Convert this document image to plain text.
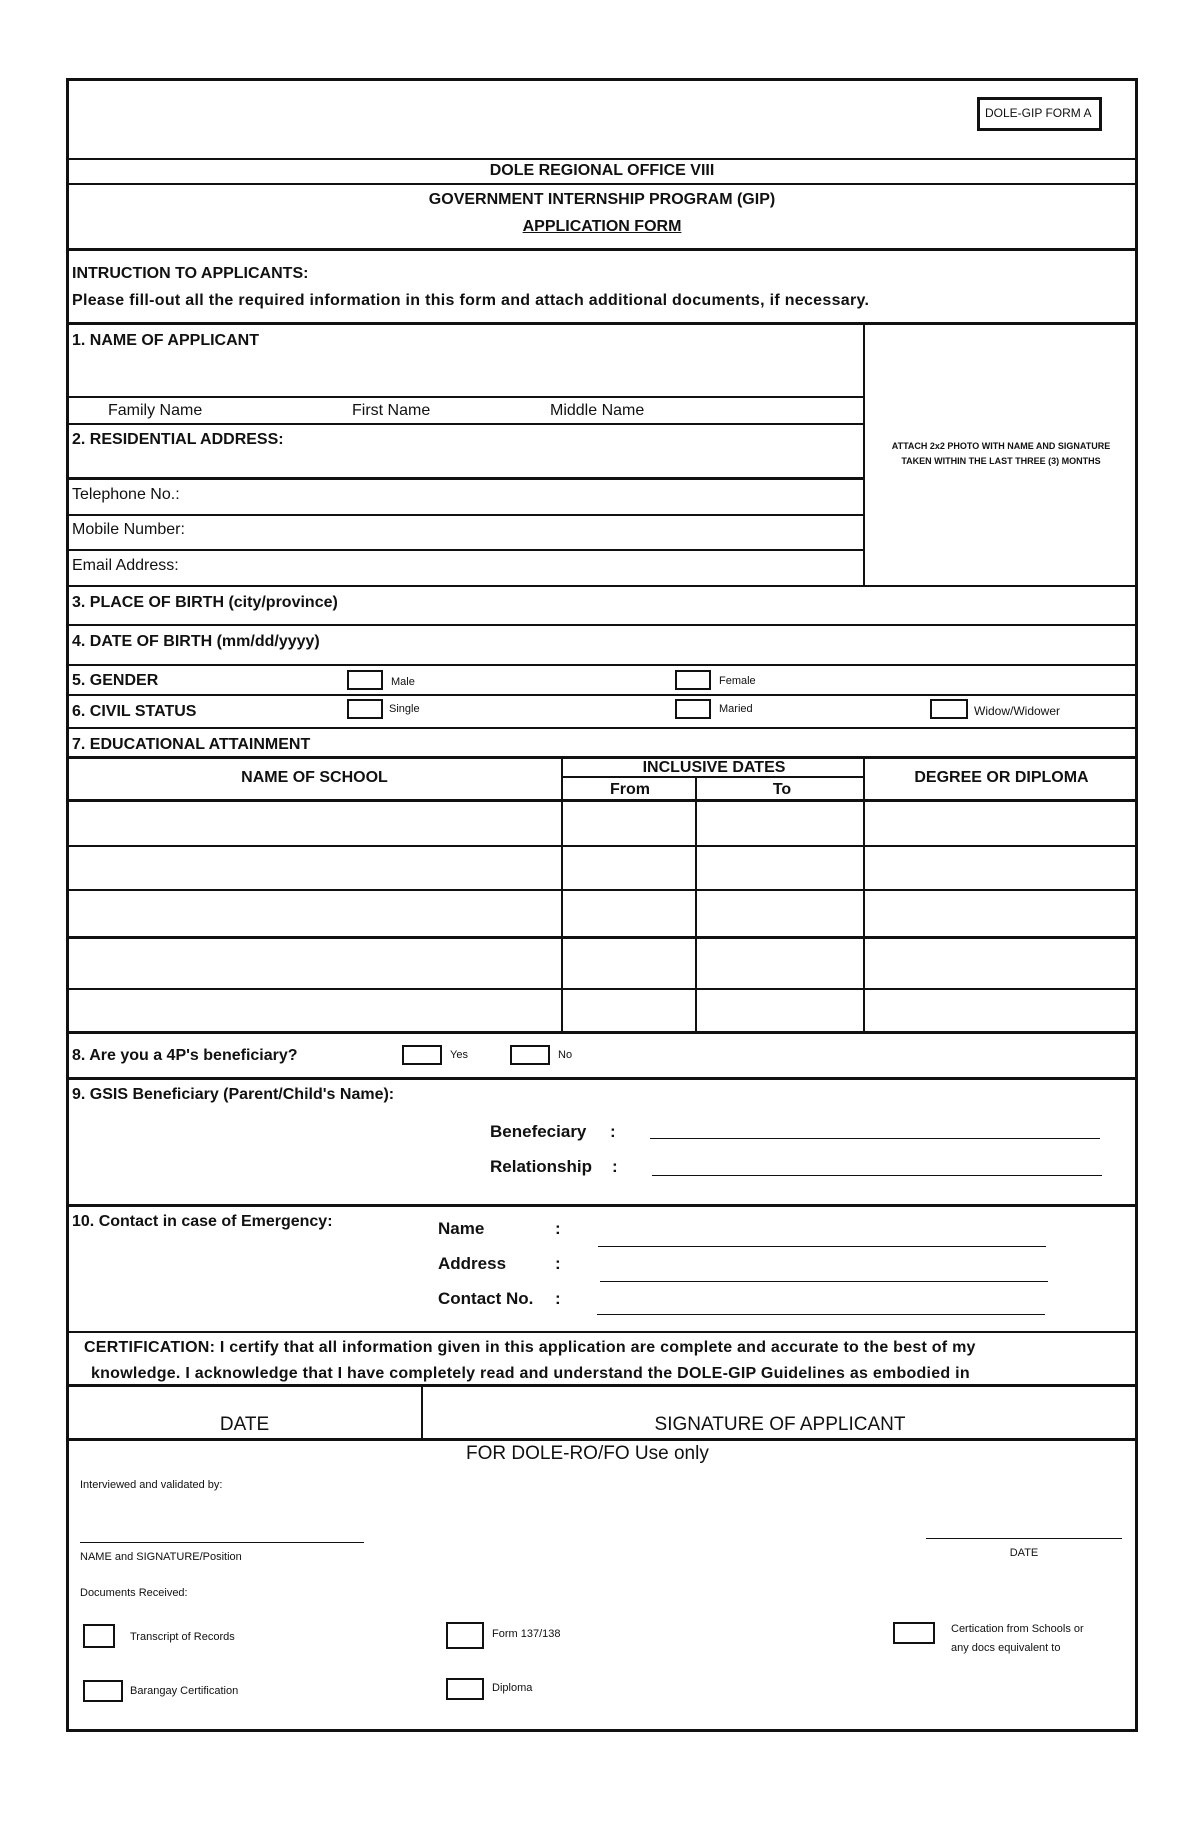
DOLE-GIP FORM A
DOLE REGIONAL OFFICE VIII
GOVERNMENT INTERNSHIP PROGRAM (GIP)
APPLICATION FORM
INTRUCTION TO APPLICANTS:
Please fill-out all the required information in this form and attach additional documents, if necessary.
ATTACH 2x2 PHOTO WITH NAME AND SIGNATURE
TAKEN WITHIN THE LAST THREE (3) MONTHS
1. NAME OF APPLICANT
Family Name	First Name	Middle Name
2. RESIDENTIAL ADDRESS:
Telephone No.:
Mobile Number:
Email Address:
3. PLACE OF BIRTH (city/province)
4. DATE OF BIRTH (mm/dd/yyyy)
5. GENDER	Male	Female
6. CIVIL STATUS	Single	Maried	Widow/Widower
7. EDUCATIONAL ATTAINMENT
NAME OF SCHOOL
INCLUSIVE DATES
From	To
DEGREE OR DIPLOMA
8. Are you a 4P's beneficiary?	Yes	No
9. GSIS Beneficiary (Parent/Child's Name):
Benefeciary :
Relationship :
10. Contact in case of Emergency:	Name	:
Address	:
Contact No. :
CERTIFICATION: I certify that all information given in this application are complete and accurate to the best of my
knowledge. I acknowledge that I have completely read and understand the DOLE-GIP Guidelines as embodied in
DATE	SIGNATURE OF APPLICANT
FOR DOLE-RO/FO Use only
Interviewed and validated by:
NAME and SIGNATURE/Position	DATE
Documents Received:
Transcript of Records	Form 137/138	Certication from Schools or
any docs equivalent to
Barangay Certification	Diploma
